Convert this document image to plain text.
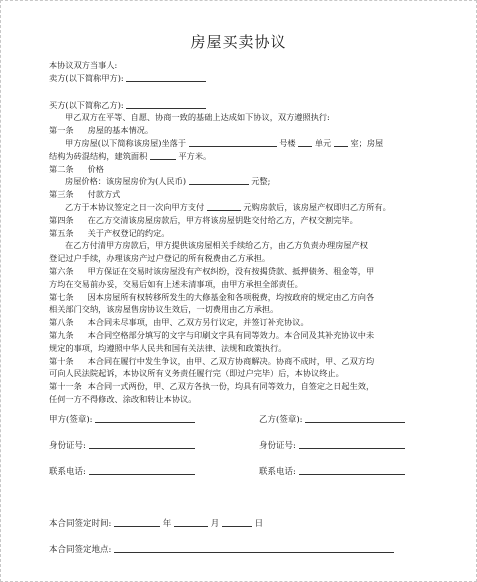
房屋买卖协议
本协议双方当事人:
卖方(以下简称甲方):
买方(以下简称乙方):
甲乙双方在平等、自愿、协商一致的基础上达成如下协议，双方遵照执行:
第一条 房屋的基本情况。
甲方房屋(以下简称该房屋)坐落于	号楼 单元 室；房屋
结构为砖混结构，建筑面积	平方米。
第二条 价格
房屋价格：该房屋房价为(人民币)	元整;
第三条 付款方式
乙方于本协议签定之日一次向甲方支付	元购房款后，该房屋产权即归乙方所有。
第四条 在乙方交清该房屋房款后，甲方将该房屋钥匙交付给乙方，产权交割完毕。
第五条 关于产权登记的约定。
在乙方付清甲方房款后，甲方提供该房屋相关手续给乙方，由乙方负责办理房屋产权
登记过户手续，办理该房产过户登记的所有税费由乙方承担。
第六条 甲方保证在交易时该房屋没有产权纠纷，没有按揭贷款、抵押债务、租金等，甲
方均在交易前办妥，交易后如有上述未清事项，由甲方承担全部责任。
第七条 因本房屋所有权转移所发生的大修基金和各项税费，均按政府的规定由乙方向各
相关部门交纳，该房屋售房协议生效后，一切费用由乙方承担。
第八条 本合同未尽事项，由甲、乙双方另行议定，并签订补充协议。
第九条 本合同空格部分填写的文字与印刷文字具有同等效力。本合同及其补充协议中未
规定的事项，均遵照中华人民共和国有关法律、法规和政策执行。
第十条 本合同在履行中发生争议，由甲、乙双方协商解决。协商不成时，甲、乙双方均
可向人民法院起诉，本协议所有义务责任履行完（即过户完毕）后，本协议终止。
第十一条 本合同一式两份，甲、乙双方各执一份，均具有同等效力，自签定之日起生效，
任何一方不得修改、涂改和转让本协议。
甲方(签章):	乙方(签章):
身份证号:	身份证号:
联系电话:	联系电话:
本合同签定时间:	年	月	日
本合同签定地点:
